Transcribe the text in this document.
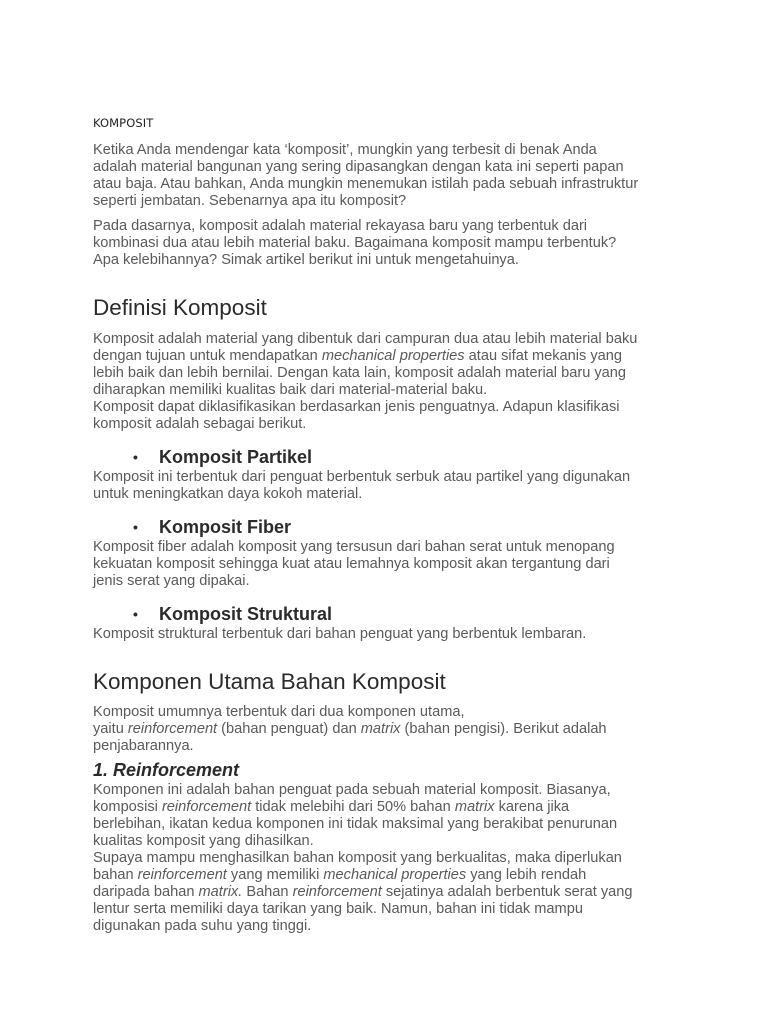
KOMPOSIT
Ketika Anda mendengar kata ‘komposit’, mungkin yang terbesit di benak Anda
adalah material bangunan yang sering dipasangkan dengan kata ini seperti papan
atau baja. Atau bahkan, Anda mungkin menemukan istilah pada sebuah infrastruktur
seperti jembatan. Sebenarnya apa itu komposit?
Pada dasarnya, komposit adalah material rekayasa baru yang terbentuk dari
kombinasi dua atau lebih material baku. Bagaimana komposit mampu terbentuk?
Apa kelebihannya? Simak artikel berikut ini untuk mengetahuinya.
Definisi Komposit
Komposit adalah material yang dibentuk dari campuran dua atau lebih material baku
dengan tujuan untuk mendapatkan mechanical properties atau sifat mekanis yang
lebih baik dan lebih bernilai. Dengan kata lain, komposit adalah material baru yang
diharapkan memiliki kualitas baik dari material-material baku.
Komposit dapat diklasifikasikan berdasarkan jenis penguatnya. Adapun klasifikasi
komposit adalah sebagai berikut.
• Komposit Partikel
Komposit ini terbentuk dari penguat berbentuk serbuk atau partikel yang digunakan
untuk meningkatkan daya kokoh material.
• Komposit Fiber
Komposit fiber adalah komposit yang tersusun dari bahan serat untuk menopang
kekuatan komposit sehingga kuat atau lemahnya komposit akan tergantung dari
jenis serat yang dipakai.
• Komposit Struktural
Komposit struktural terbentuk dari bahan penguat yang berbentuk lembaran.
Komponen Utama Bahan Komposit
Komposit umumnya terbentuk dari dua komponen utama,
yaitu reinforcement (bahan penguat) dan matrix (bahan pengisi). Berikut adalah
penjabarannya.
1. Reinforcement
Komponen ini adalah bahan penguat pada sebuah material komposit. Biasanya,
komposisi reinforcement tidak melebihi dari 50% bahan matrix karena jika
berlebihan, ikatan kedua komponen ini tidak maksimal yang berakibat penurunan
kualitas komposit yang dihasilkan.
Supaya mampu menghasilkan bahan komposit yang berkualitas, maka diperlukan
bahan reinforcement yang memiliki mechanical properties yang lebih rendah
daripada bahan matrix. Bahan reinforcement sejatinya adalah berbentuk serat yang
lentur serta memiliki daya tarikan yang baik. Namun, bahan ini tidak mampu
digunakan pada suhu yang tinggi.
